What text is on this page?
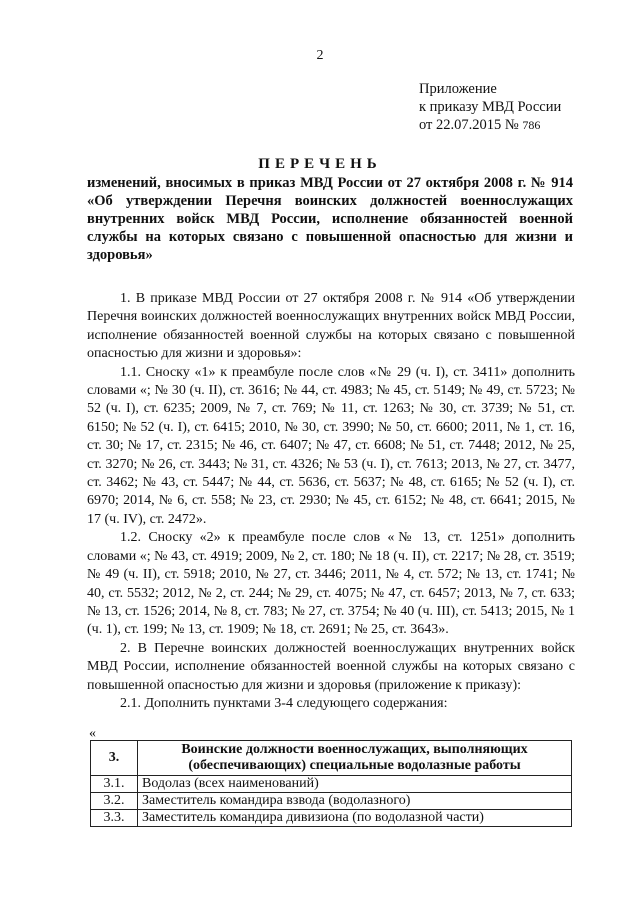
2
Приложение
к приказу МВД России
от 22.07.2015 № 786
ПЕРЕЧЕНЬ
изменений, вносимых в приказ МВД России от 27 октября 2008 г. № 914 «Об утверждении Перечня воинских должностей военнослужащих внутренних войск МВД России, исполнение обязанностей военной службы на которых связано с повышенной опасностью для жизни и здоровья»

1. В приказе МВД России от 27 октября 2008 г. № 914 «Об утверждении Перечня воинских должностей военнослужащих внутренних войск МВД России, исполнение обязанностей военной службы на которых связано с повышенной опасностью для жизни и здоровья»:

1.1. Сноску «1» к преамбуле после слов «№ 29 (ч. I), ст. 3411» дополнить словами «; № 30 (ч. II), ст. 3616; № 44, ст. 4983; № 45, ст. 5149; № 49, ст. 5723; № 52 (ч. I), ст. 6235; 2009, № 7, ст. 769; № 11, ст. 1263; № 30, ст. 3739; № 51, ст. 6150; № 52 (ч. I), ст. 6415; 2010, № 30, ст. 3990; № 50, ст. 6600; 2011, № 1, ст. 16, ст. 30; № 17, ст. 2315; № 46, ст. 6407; № 47, ст. 6608; № 51, ст. 7448; 2012, № 25, ст. 3270; № 26, ст. 3443; № 31, ст. 4326; № 53 (ч. I), ст. 7613; 2013, № 27, ст. 3477, ст. 3462; № 43, ст. 5447; № 44, ст. 5636, ст. 5637; № 48, ст. 6165; № 52 (ч. I), ст. 6970; 2014, № 6, ст. 558; № 23, ст. 2930; № 45, ст. 6152; № 48, ст. 6641; 2015, № 17 (ч. IV), ст. 2472».

1.2. Сноску «2» к преамбуле после слов «№ 13, ст. 1251» дополнить словами «; № 43, ст. 4919; 2009, № 2, ст. 180; № 18 (ч. II), ст. 2217; № 28, ст. 3519; № 49 (ч. II), ст. 5918; 2010, № 27, ст. 3446; 2011, № 4, ст. 572; № 13, ст. 1741; № 40, ст. 5532; 2012, № 2, ст. 244; № 29, ст. 4075; № 47, ст. 6457; 2013, № 7, ст. 633; № 13, ст. 1526; 2014, № 8, ст. 783; № 27, ст. 3754; № 40 (ч. III), ст. 5413; 2015, № 1 (ч. 1), ст. 199; № 13, ст. 1909; № 18, ст. 2691; № 25, ст. 3643».

2. В Перечне воинских должностей военнослужащих внутренних войск МВД России, исполнение обязанностей военной службы на которых связано с повышенной опасностью для жизни и здоровья (приложение к приказу):

2.1. Дополнить пунктами 3-4 следующего содержания:

«
3.	Воинские должности военнослужащих, выполняющих (обеспечивающих) специальные водолазные работы
3.1.	Водолаз (всех наименований)
3.2.	Заместитель командира взвода (водолазного)
3.3.	Заместитель командира дивизиона (по водолазной части)
